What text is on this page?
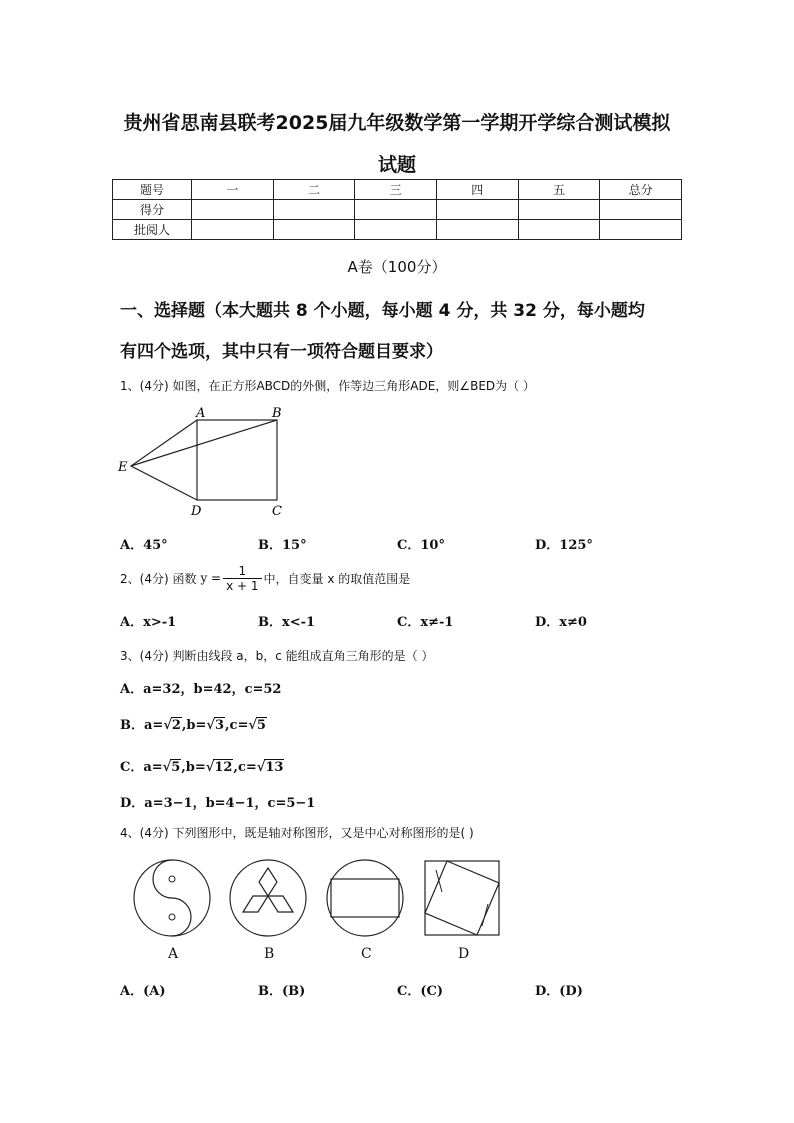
贵州省思南县联考2025届九年级数学第一学期开学综合测试模拟
试题
题号	一	二	三	四	五	总分
得分						
批阅人						
A卷（100分）
一、选择题（本大题共 8 个小题，每小题 4 分，共 32 分，每小题均
有四个选项，其中只有一项符合题目要求）
1、(4分) 如图，在正方形ABCD的外侧，作等边三角形ADE，则∠BED为（ ）
A	B
E
D	C
A．45°	B．15°	C．10°	D．125°
2、(4分) 函数 $y = \frac{1}{x + 1}$ 中，自变量 x 的取值范围是
A．x>-1	B．x<-1	C．x≠-1	D．x≠0
3、(4分) 判断由线段 a，b，c 能组成直角三角形的是（ ）
A．a=32，b=42，c=52
B．a=√2,b=√3,c=√5
C．a=√5,b=√12,c=√13
D．a=3−1，b=4−1，c=5−1
4、(4分) 下列图形中，既是轴对称图形，又是中心对称图形的是( )
A	B	C	D
A．(A)	B．(B)	C．(C)	D．(D)
